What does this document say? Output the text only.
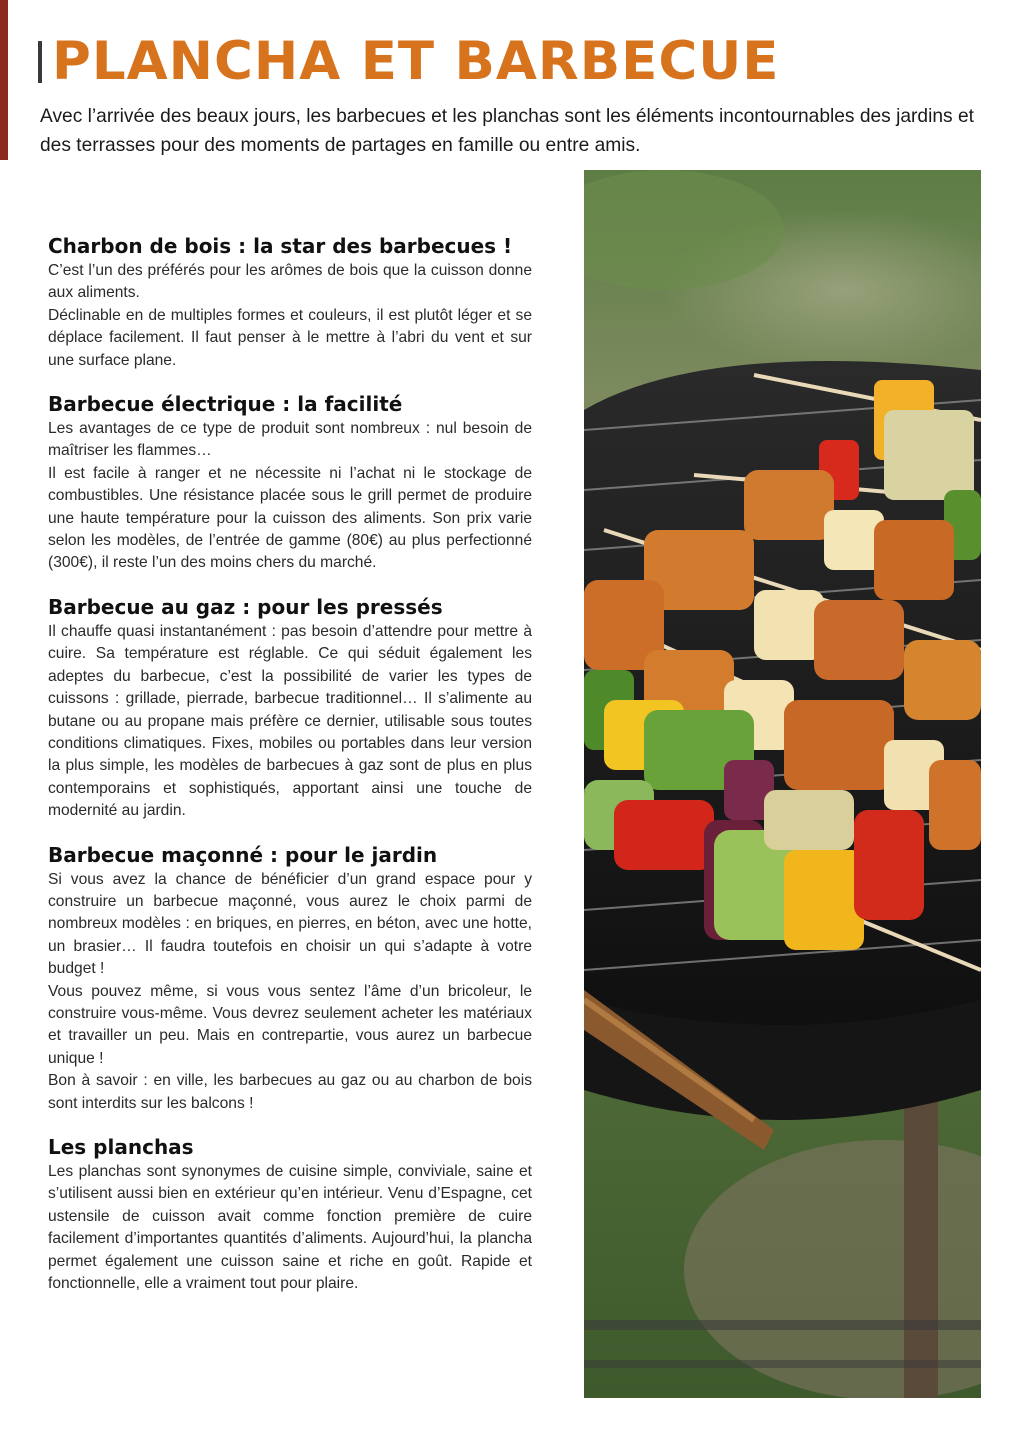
PLANCHA ET BARBECUE

Avec l’arrivée des beaux jours, les barbecues et les planchas sont les éléments incontournables des jardins et des terrasses pour des moments de partages en famille ou entre amis.

Charbon de bois : la star des barbecues !

C’est l’un des préférés pour les arômes de bois que la cuisson donne aux aliments.

Déclinable en de multiples formes et couleurs, il est plutôt léger et se déplace facilement. Il faut penser à le mettre à l’abri du vent et sur une surface plane.

Barbecue électrique : la facilité

Les avantages de ce type de produit sont nombreux : nul besoin de maîtriser les flammes…

Il est facile à ranger et ne nécessite ni l’achat ni le stockage de combustibles. Une résistance placée sous le grill permet de produire une haute température pour la cuisson des aliments. Son prix varie selon les modèles, de l’entrée de gamme (80€) au plus perfectionné (300€), il reste l’un des moins chers du marché.

Barbecue au gaz : pour les pressés

Il chauffe quasi instantanément : pas besoin d’attendre pour mettre à cuire. Sa température est réglable. Ce qui séduit également les adeptes du barbecue, c’est la possibilité de varier les types de cuissons : grillade, pierrade, barbecue traditionnel… Il s’alimente au butane ou au propane mais préfère ce dernier, utilisable sous toutes conditions climatiques. Fixes, mobiles ou portables dans leur version la plus simple, les modèles de barbecues à gaz sont de plus en plus contemporains et sophistiqués, apportant ainsi une touche de modernité au jardin.

Barbecue maçonné : pour le jardin

Si vous avez la chance de bénéficier d’un grand espace pour y construire un barbecue maçonné, vous aurez le choix parmi de nombreux modèles : en briques, en pierres, en béton, avec une hotte, un brasier… Il faudra toutefois en choisir un qui s’adapte à votre budget !

Vous pouvez même, si vous vous sentez l’âme d’un bricoleur, le construire vous-même. Vous devrez seulement acheter les matériaux et travailler un peu. Mais en contrepartie, vous aurez un barbecue unique !

Bon à savoir : en ville, les barbecues au gaz ou au charbon de bois sont interdits sur les balcons !

Les planchas

Les planchas sont synonymes de cuisine simple, conviviale, saine et s’utilisent aussi bien en extérieur qu’en intérieur. Venu d’Espagne, cet ustensile de cuisson avait comme fonction première de cuire facilement d’importantes quantités d’aliments. Aujourd’hui, la plancha permet également une cuisson saine et riche en goût. Rapide et fonctionnelle, elle a vraiment tout pour plaire.
